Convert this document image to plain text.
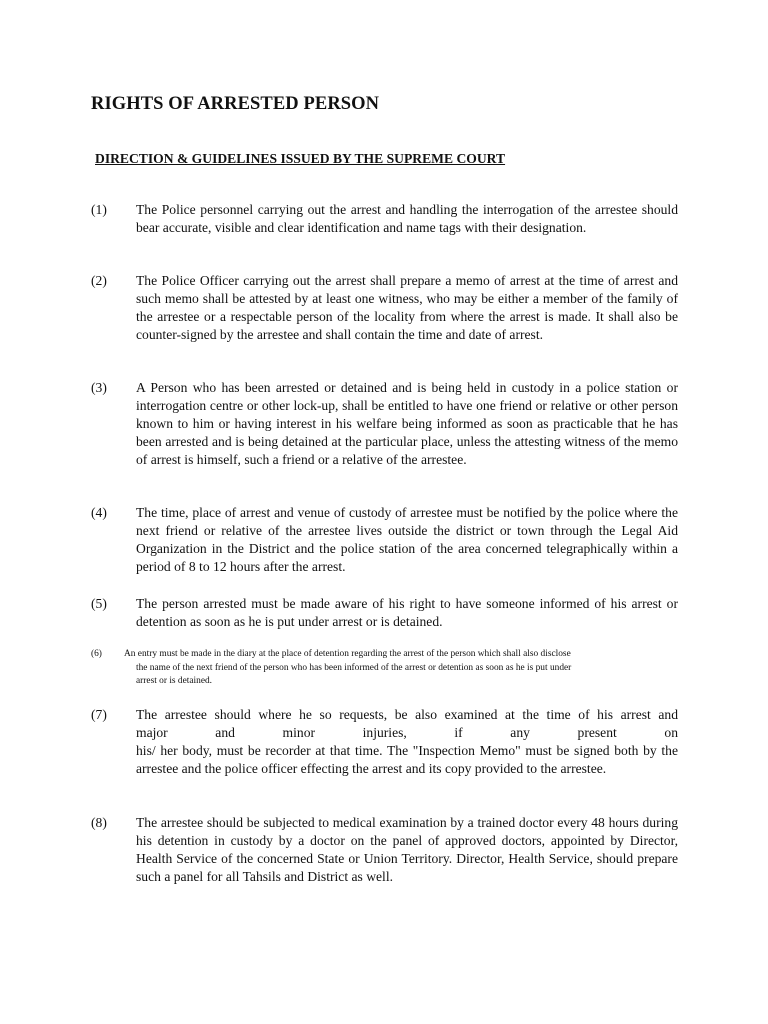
RIGHTS OF ARRESTED PERSON
DIRECTION & GUIDELINES ISSUED BY THE SUPREME COURT
(1) The Police personnel carrying out the arrest and handling the interrogation of the arrestee should bear accurate, visible and clear identification and name tags with their designation.
(2) The Police Officer carrying out the arrest shall prepare a memo of arrest at the time of arrest and such memo shall be attested by at least one witness, who may be either a member of the family of the arrestee or a respectable person of the locality from where the arrest is made. It shall also be counter-signed by the arrestee and shall contain the time and date of arrest.
(3) A Person who has been arrested or detained and is being held in custody in a police station or interrogation centre or other lock-up, shall be entitled to have one friend or relative or other person known to him or having interest in his welfare being informed as soon as practicable that he has been arrested and is being detained at the particular place, unless the attesting witness of the memo of arrest is himself, such a friend or a relative of the arrestee.
(4) The time, place of arrest and venue of custody of arrestee must be notified by the police where the next friend or relative of the arrestee lives outside the district or town through the Legal Aid Organization in the District and the police station of the area concerned telegraphically within a period of 8 to 12 hours after the arrest.
(5) The person arrested must be made aware of his right to have someone informed of his arrest or detention as soon as he is put under arrest or is detained.
(6) An entry must be made in the diary at the place of detention regarding the arrest of the person which shall also disclose
the name of the next friend of the person who has been informed of the arrest or detention as soon as he is put under
arrest or is detained.
(7) The arrestee should where he so requests, be also examined at the time of his arrest and
major and minor injuries, if any present on
his/ her body, must be recorder at that time. The "Inspection Memo" must be signed both by the arrestee and the police officer effecting the arrest and its copy provided to the arrestee.
(8) The arrestee should be subjected to medical examination by a trained doctor every 48 hours during his detention in custody by a doctor on the panel of approved doctors, appointed by Director, Health Service of the concerned State or Union Territory. Director, Health Service, should prepare such a panel for all Tahsils and District as well.
